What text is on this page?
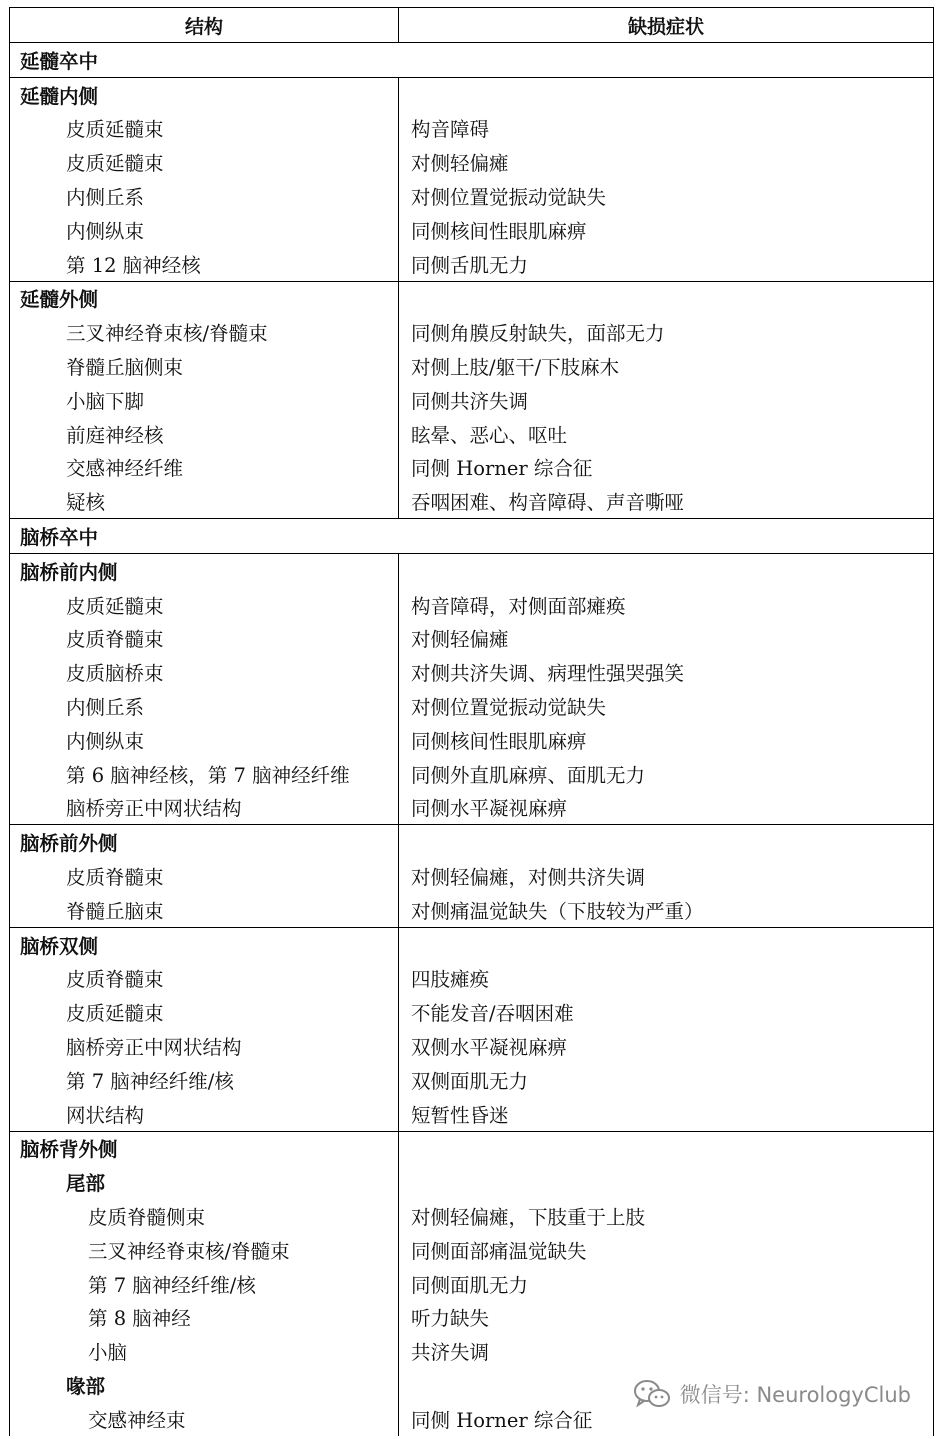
结构	缺损症状
延髓卒中	
延髓内侧	
皮质延髓束	构音障碍
皮质延髓束	对侧轻偏瘫
内侧丘系	对侧位置觉振动觉缺失
内侧纵束	同侧核间性眼肌麻痹
第 12 脑神经核	同侧舌肌无力
延髓外侧	
三叉神经脊束核/脊髓束	同侧角膜反射缺失，面部无力
脊髓丘脑侧束	对侧上肢/躯干/下肢麻木
小脑下脚	同侧共济失调
前庭神经核	眩晕、恶心、呕吐
交感神经纤维	同侧 Horner 综合征
疑核	吞咽困难、构音障碍、声音嘶哑
脑桥卒中	
脑桥前内侧	
皮质延髓束	构音障碍，对侧面部瘫痪
皮质脊髓束	对侧轻偏瘫
皮质脑桥束	对侧共济失调、病理性强哭强笑
内侧丘系	对侧位置觉振动觉缺失
内侧纵束	同侧核间性眼肌麻痹
第 6 脑神经核，第 7 脑神经纤维	同侧外直肌麻痹、面肌无力
脑桥旁正中网状结构	同侧水平凝视麻痹
脑桥前外侧	
皮质脊髓束	对侧轻偏瘫，对侧共济失调
脊髓丘脑束	对侧痛温觉缺失（下肢较为严重）
脑桥双侧	
皮质脊髓束	四肢瘫痪
皮质延髓束	不能发音/吞咽困难
脑桥旁正中网状结构	双侧水平凝视麻痹
第 7 脑神经纤维/核	双侧面肌无力
网状结构	短暂性昏迷
脑桥背外侧	
尾部	
皮质脊髓侧束	对侧轻偏瘫，下肢重于上肢
三叉神经脊束核/脊髓束	同侧面部痛温觉缺失
第 7 脑神经纤维/核	同侧面肌无力
第 8 脑神经	听力缺失
小脑	共济失调
喙部	
交感神经束	同侧 Horner 综合征
微信号: NeurologyClub
